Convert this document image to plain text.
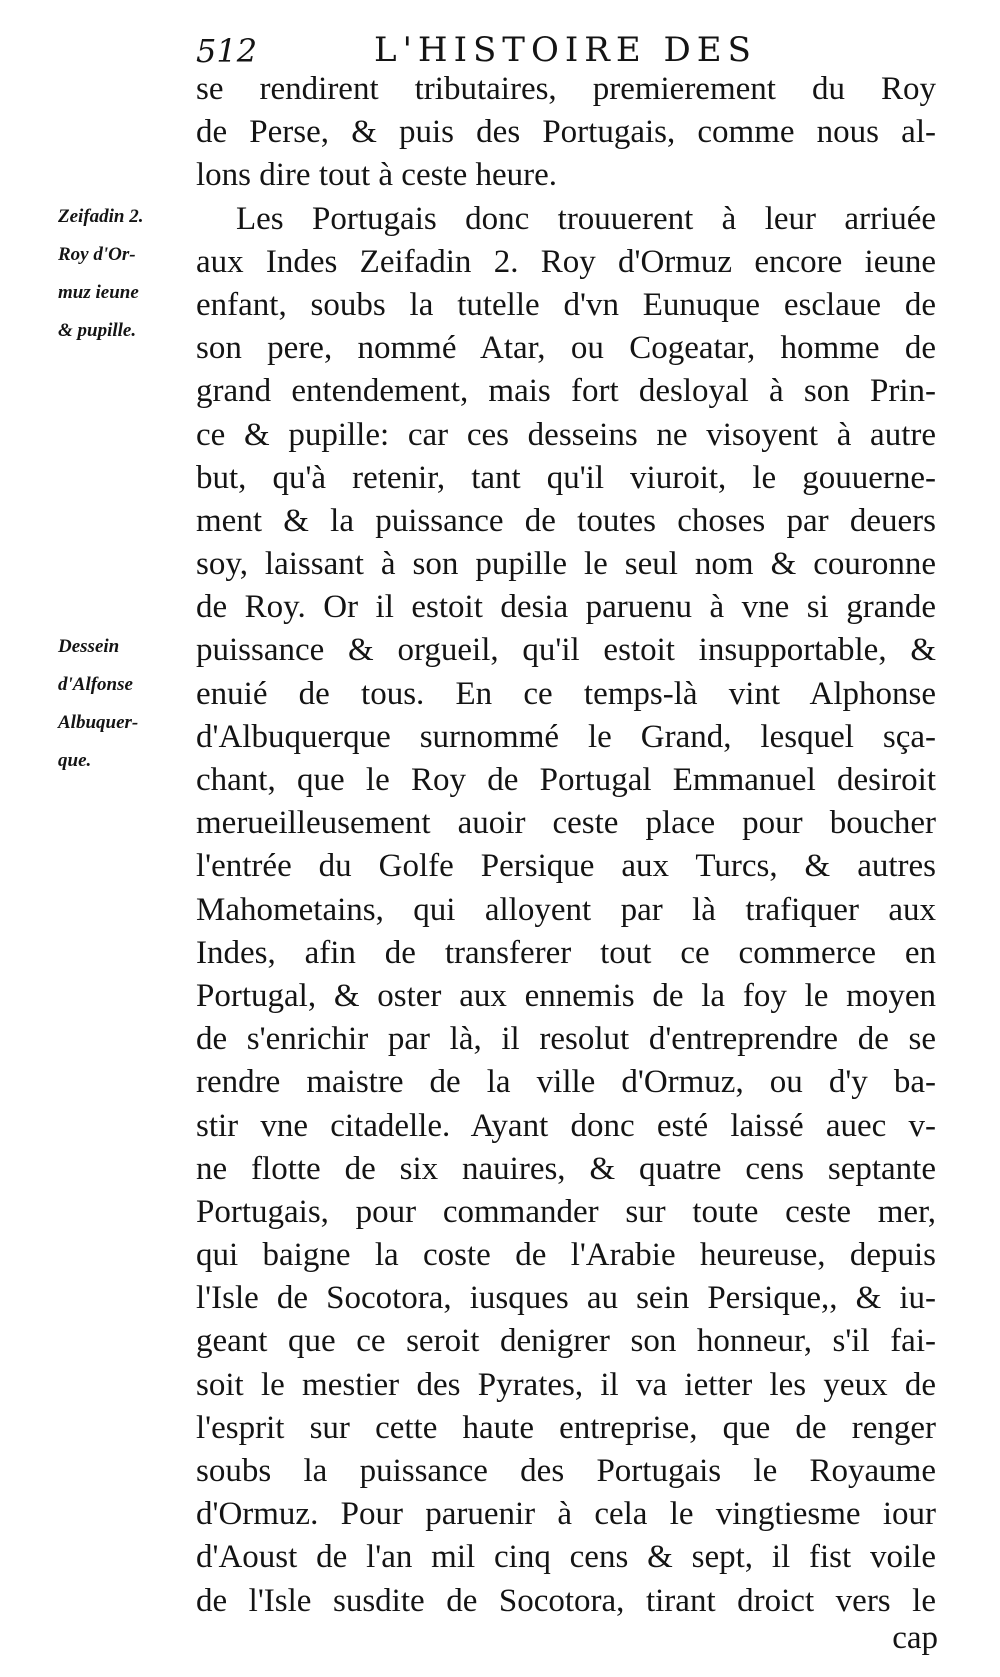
512	L'HISTOIRE DES
Zeifadin 2.
Roy d'Or-
muz ieune
& pupille.
Dessein
d'Alfonse
Albuquer-
que.
se rendirent tributaires, premierement du Roy
de Perse, & puis des Portugais, comme nous al-
lons dire tout à ceste heure.
Les Portugais donc trouuerent à leur arriuée
aux Indes Zeifadin 2. Roy d'Ormuz encore ieune
enfant, soubs la tutelle d'vn Eunuque esclaue de
son pere, nommé Atar, ou Cogeatar, homme de
grand entendement, mais fort desloyal à son Prin-
ce & pupille: car ces desseins ne visoyent à autre
but, qu'à retenir, tant qu'il viuroit, le gouuerne-
ment & la puissance de toutes choses par deuers
soy, laissant à son pupille le seul nom & couronne
de Roy. Or il estoit desia paruenu à vne si grande
puissance & orgueil, qu'il estoit insupportable, &
enuié de tous. En ce temps-là vint Alphonse
d'Albuquerque surnommé le Grand, lesquel sça-
chant, que le Roy de Portugal Emmanuel desiroit
merueilleusement auoir ceste place pour boucher
l'entrée du Golfe Persique aux Turcs, & autres
Mahometains, qui alloyent par là trafiquer aux
Indes, afin de transferer tout ce commerce en
Portugal, & oster aux ennemis de la foy le moyen
de s'enrichir par là, il resolut d'entreprendre de se
rendre maistre de la ville d'Ormuz, ou d'y ba-
stir vne citadelle. Ayant donc esté laissé auec v-
ne flotte de six nauires, & quatre cens septante
Portugais, pour commander sur toute ceste mer,
qui baigne la coste de l'Arabie heureuse, depuis
l'Isle de Socotora, iusques au sein Persique,, & iu-
geant que ce seroit denigrer son honneur, s'il fai-
soit le mestier des Pyrates, il va ietter les yeux de
l'esprit sur cette haute entreprise, que de renger
soubs la puissance des Portugais le Royaume
d'Ormuz. Pour paruenir à cela le vingtiesme iour
d'Aoust de l'an mil cinq cens & sept, il fist voile
de l'Isle susdite de Socotora, tirant droict vers le
cap
